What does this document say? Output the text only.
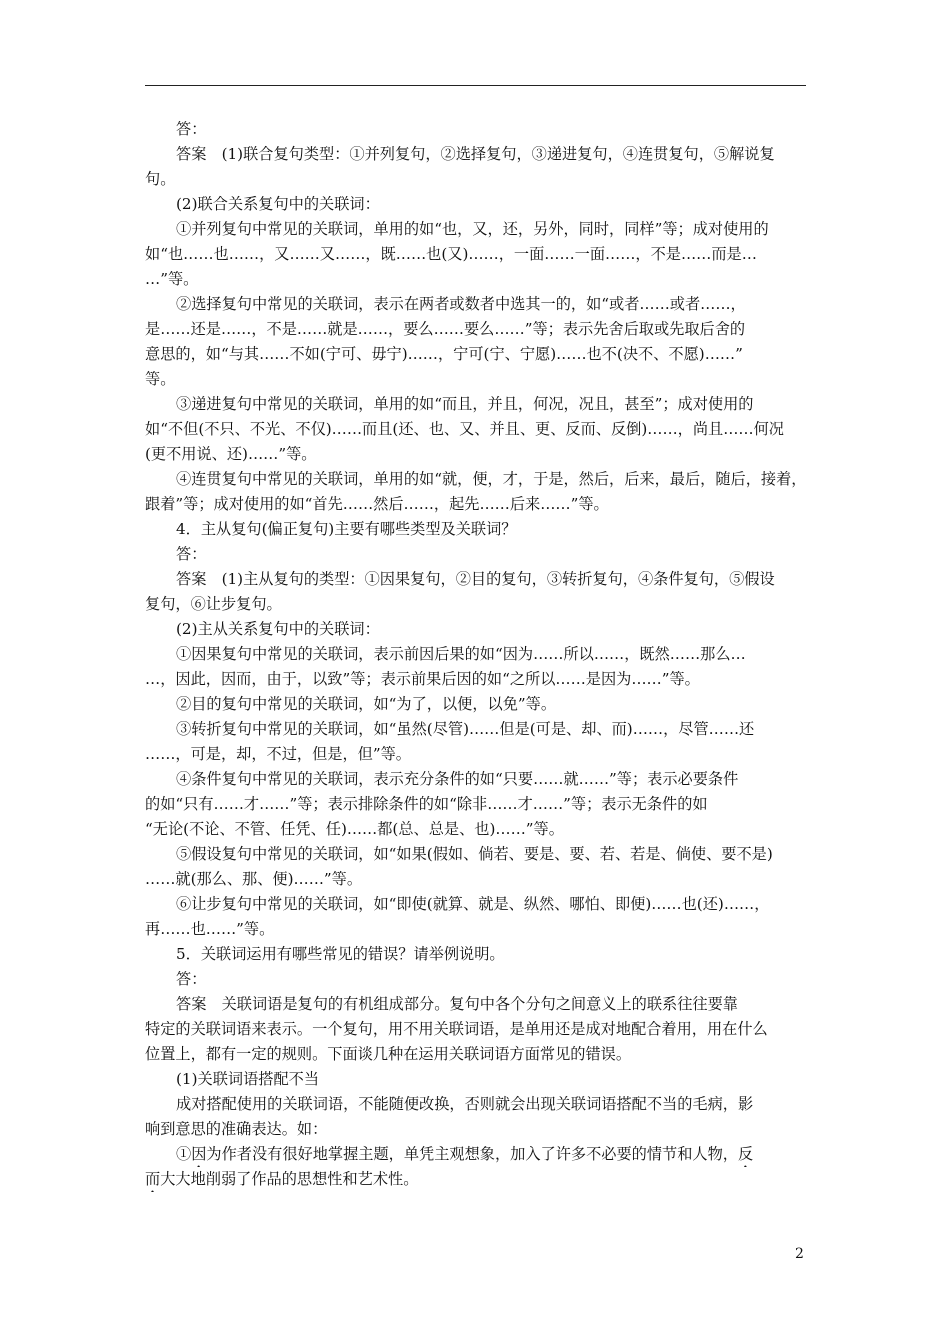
答：
答案　(1)联合复句类型：①并列复句，②选择复句，③递进复句，④连贯复句，⑤解说复
句。
(2)联合关系复句中的关联词：
①并列复句中常见的关联词，单用的如“也，又，还，另外，同时，同样”等；成对使用的
如“也……也……，又……又……，既……也(又)……，一面……一面……，不是……而是…
…”等。
②选择复句中常见的关联词，表示在两者或数者中选其一的，如“或者……或者……，
是……还是……，不是……就是……，要么……要么……”等；表示先舍后取或先取后舍的
意思的，如“与其……不如(宁可、毋宁)……，宁可(宁、宁愿)……也不(决不、不愿)……”
等。
③递进复句中常见的关联词，单用的如“而且，并且，何况，况且，甚至”；成对使用的
如“不但(不只、不光、不仅)……而且(还、也、又、并且、更、反而、反倒)……，尚且……何况
(更不用说、还)……”等。
④连贯复句中常见的关联词，单用的如“就，便，才，于是，然后，后来，最后，随后，接着，
跟着”等；成对使用的如“首先……然后……，起先……后来……”等。
4．主从复句(偏正复句)主要有哪些类型及关联词？
答：
答案　(1)主从复句的类型：①因果复句，②目的复句，③转折复句，④条件复句，⑤假设
复句，⑥让步复句。
(2)主从关系复句中的关联词：
①因果复句中常见的关联词，表示前因后果的如“因为……所以……，既然……那么…
…，因此，因而，由于，以致”等；表示前果后因的如“之所以……是因为……”等。
②目的复句中常见的关联词，如“为了，以便，以免”等。
③转折复句中常见的关联词，如“虽然(尽管)……但是(可是、却、而)……，尽管……还
……，可是，却，不过，但是，但”等。
④条件复句中常见的关联词，表示充分条件的如“只要……就……”等；表示必要条件
的如“只有……才……”等；表示排除条件的如“除非……才……”等；表示无条件的如
“无论(不论、不管、任凭、任)……都(总、总是、也)……”等。
⑤假设复句中常见的关联词，如“如果(假如、倘若、要是、要、若、若是、倘使、要不是)
……就(那么、那、便)……”等。
⑥让步复句中常见的关联词，如“即使(就算、就是、纵然、哪怕、即便)……也(还)……，
再……也……”等。
5．关联词运用有哪些常见的错误？请举例说明。
答：
答案　关联词语是复句的有机组成部分。复句中各个分句之间意义上的联系往往要靠
特定的关联词语来表示。一个复句，用不用关联词语，是单用还是成对地配合着用，用在什么
位置上，都有一定的规则。下面谈几种在运用关联词语方面常见的错误。
(1)关联词语搭配不当
成对搭配使用的关联词语，不能随便改换，否则就会出现关联词语搭配不当的毛病，影
响到意思的准确表达。如：
①因为作者没有很好地掌握主题，单凭主观想象，加入了许多不必要的情节和人物，反
而大大地削弱了作品的思想性和艺术性。
2
